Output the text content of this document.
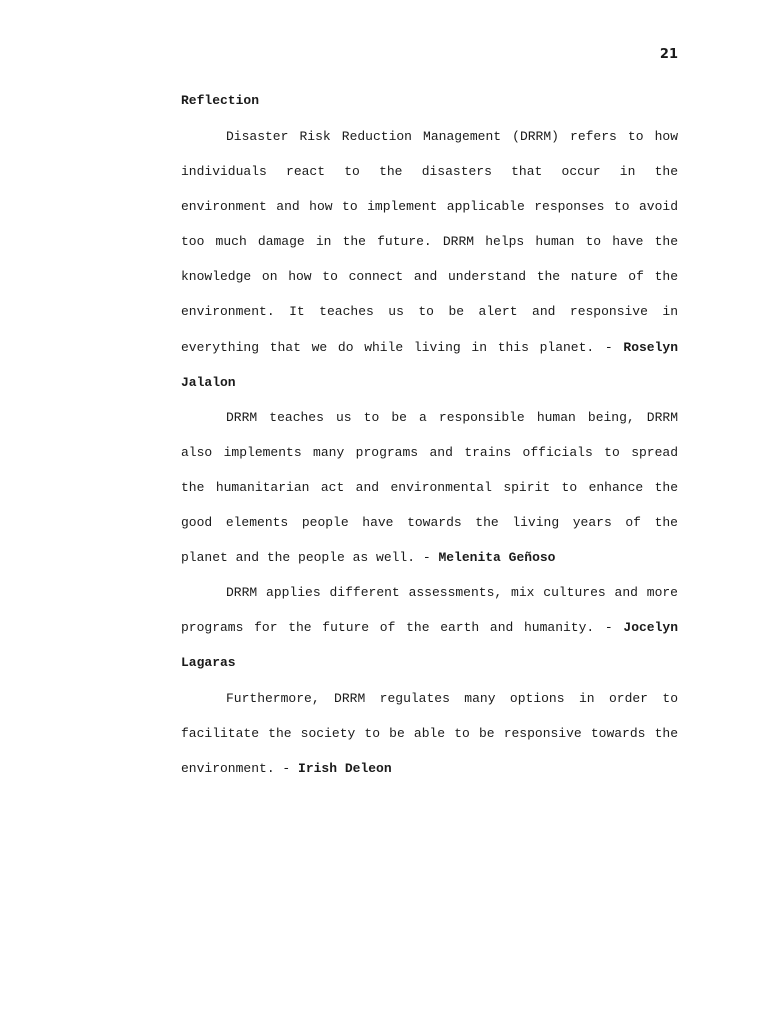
21
Reflection

Disaster Risk Reduction Management (DRRM) refers to how individuals react to the disasters that occur in the environment and how to implement applicable responses to avoid too much damage in the future. DRRM helps human to have the knowledge on how to connect and understand the nature of the environment. It teaches us to be alert and responsive in everything that we do while living in this planet. - Roselyn Jalalon

DRRM teaches us to be a responsible human being, DRRM also implements many programs and trains officials to spread the humanitarian act and environmental spirit to enhance the good elements people have towards the living years of the planet and the people as well. - Melenita Geñoso

DRRM applies different assessments, mix cultures and more programs for the future of the earth and humanity. - Jocelyn Lagaras

Furthermore, DRRM regulates many options in order to facilitate the society to be able to be responsive towards the environment. - Irish Deleon
